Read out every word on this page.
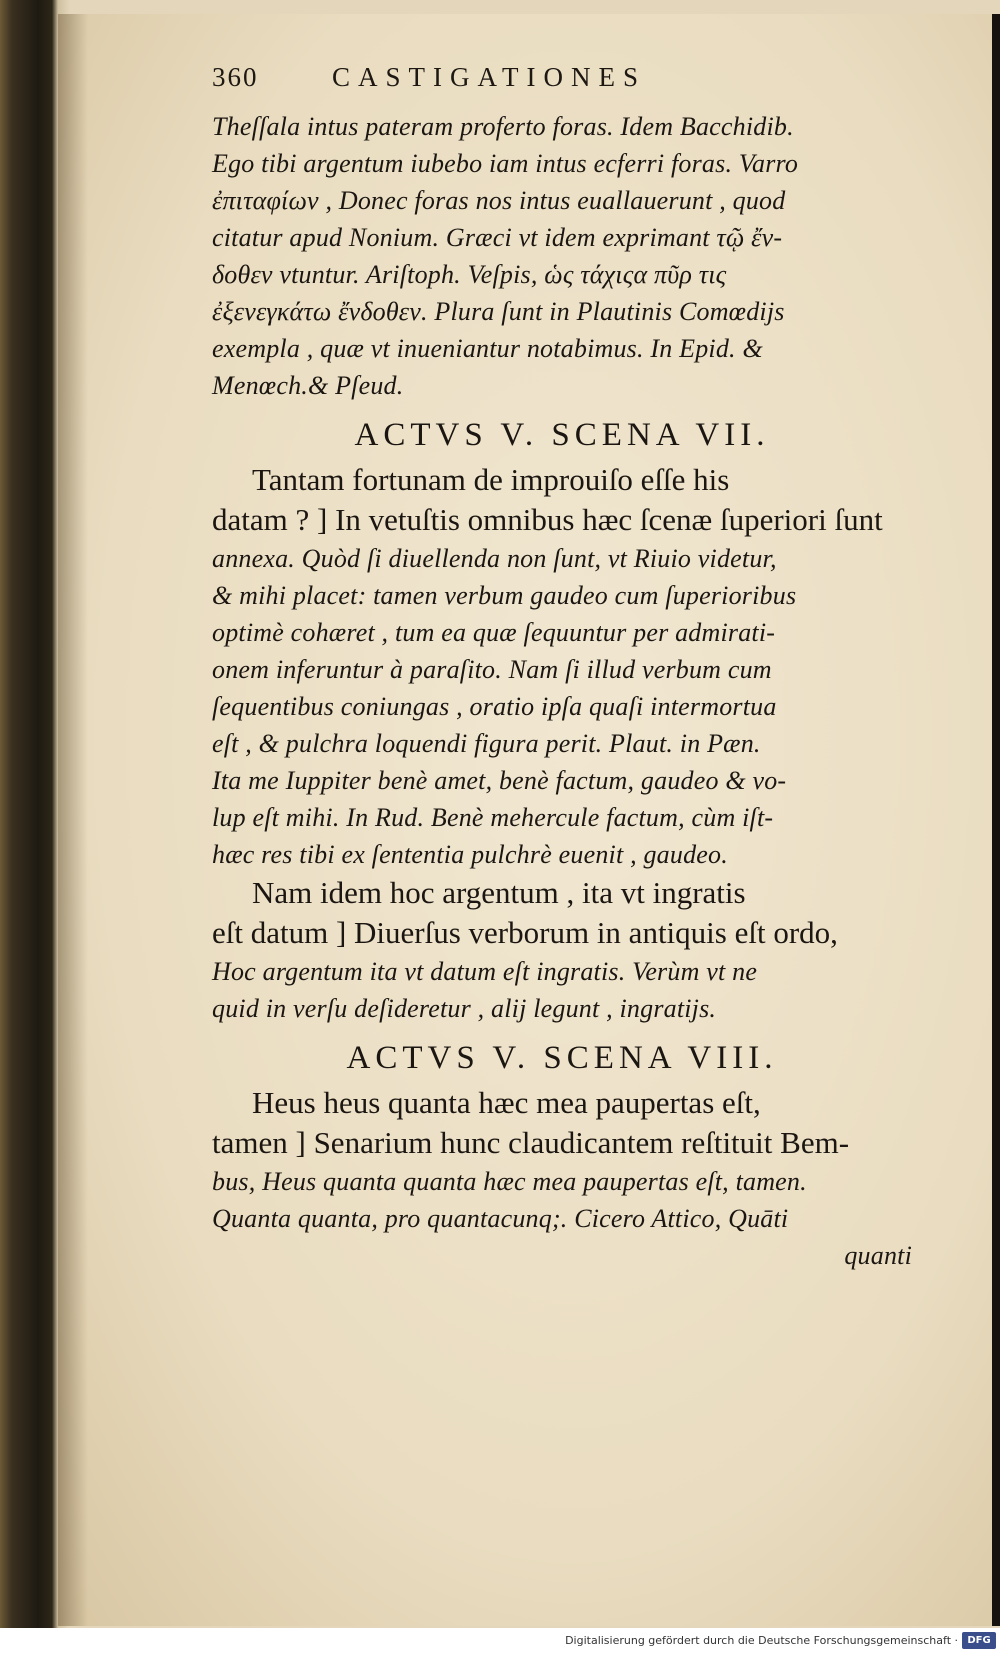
360	CASTIGATIONES
Theſſala intus pateram proferto foras. Idem Bacchidib.
Ego tibi argentum iubebo iam intus ecferri foras. Varro
ἐπιταφίων , Donec foras nos intus euallauerunt , quod
citatur apud Nonium. Græci vt idem exprimant τῷ ἔν-
δοθεν vtuntur. Ariſtoph. Veſpis, ὡς τάχιςα πῦρ τις
ἐξενεγκάτω ἔνδοθεν. Plura ſunt in Plautinis Comœdijs
exempla , quæ vt inueniantur notabimus. In Epid. &
Menœch.& Pſeud.
ACTVS V. SCENA VII.
Tantam fortunam de improuiſo eſſe his
datam ? ] In vetuſtis omnibus hæc ſcenæ ſuperiori ſunt
annexa. Quòd ſi diuellenda non ſunt, vt Riuio videtur,
& mihi placet: tamen verbum gaudeo cum ſuperioribus
optimè cohæret , tum ea quæ ſequuntur per admirati-
onem inferuntur à paraſito. Nam ſi illud verbum cum
ſequentibus coniungas , oratio ipſa quaſi intermortua
eſt , & pulchra loquendi figura perit. Plaut. in Pæn.
Ita me Iuppiter benè amet, benè factum, gaudeo & vo-
lup eſt mihi. In Rud. Benè mehercule factum, cùm iſt-
hæc res tibi ex ſententia pulchrè euenit , gaudeo.
Nam idem hoc argentum , ita vt ingratis
eſt datum ] Diuerſus verborum in antiquis eſt ordo,
Hoc argentum ita vt datum eſt ingratis. Verùm vt ne
quid in verſu deſideretur , alij legunt , ingratijs.
ACTVS V. SCENA VIII.
Heus heus quanta hæc mea paupertas eſt,
tamen ] Senarium hunc claudicantem reſtituit Bem-
bus, Heus quanta quanta hæc mea paupertas eſt, tamen.
Quanta quanta, pro quantacunq;. Cicero Attico, Quāti
quanti
Digitalisierung gefördert durch die Deutsche Forschungsgemeinschaft · DFG
